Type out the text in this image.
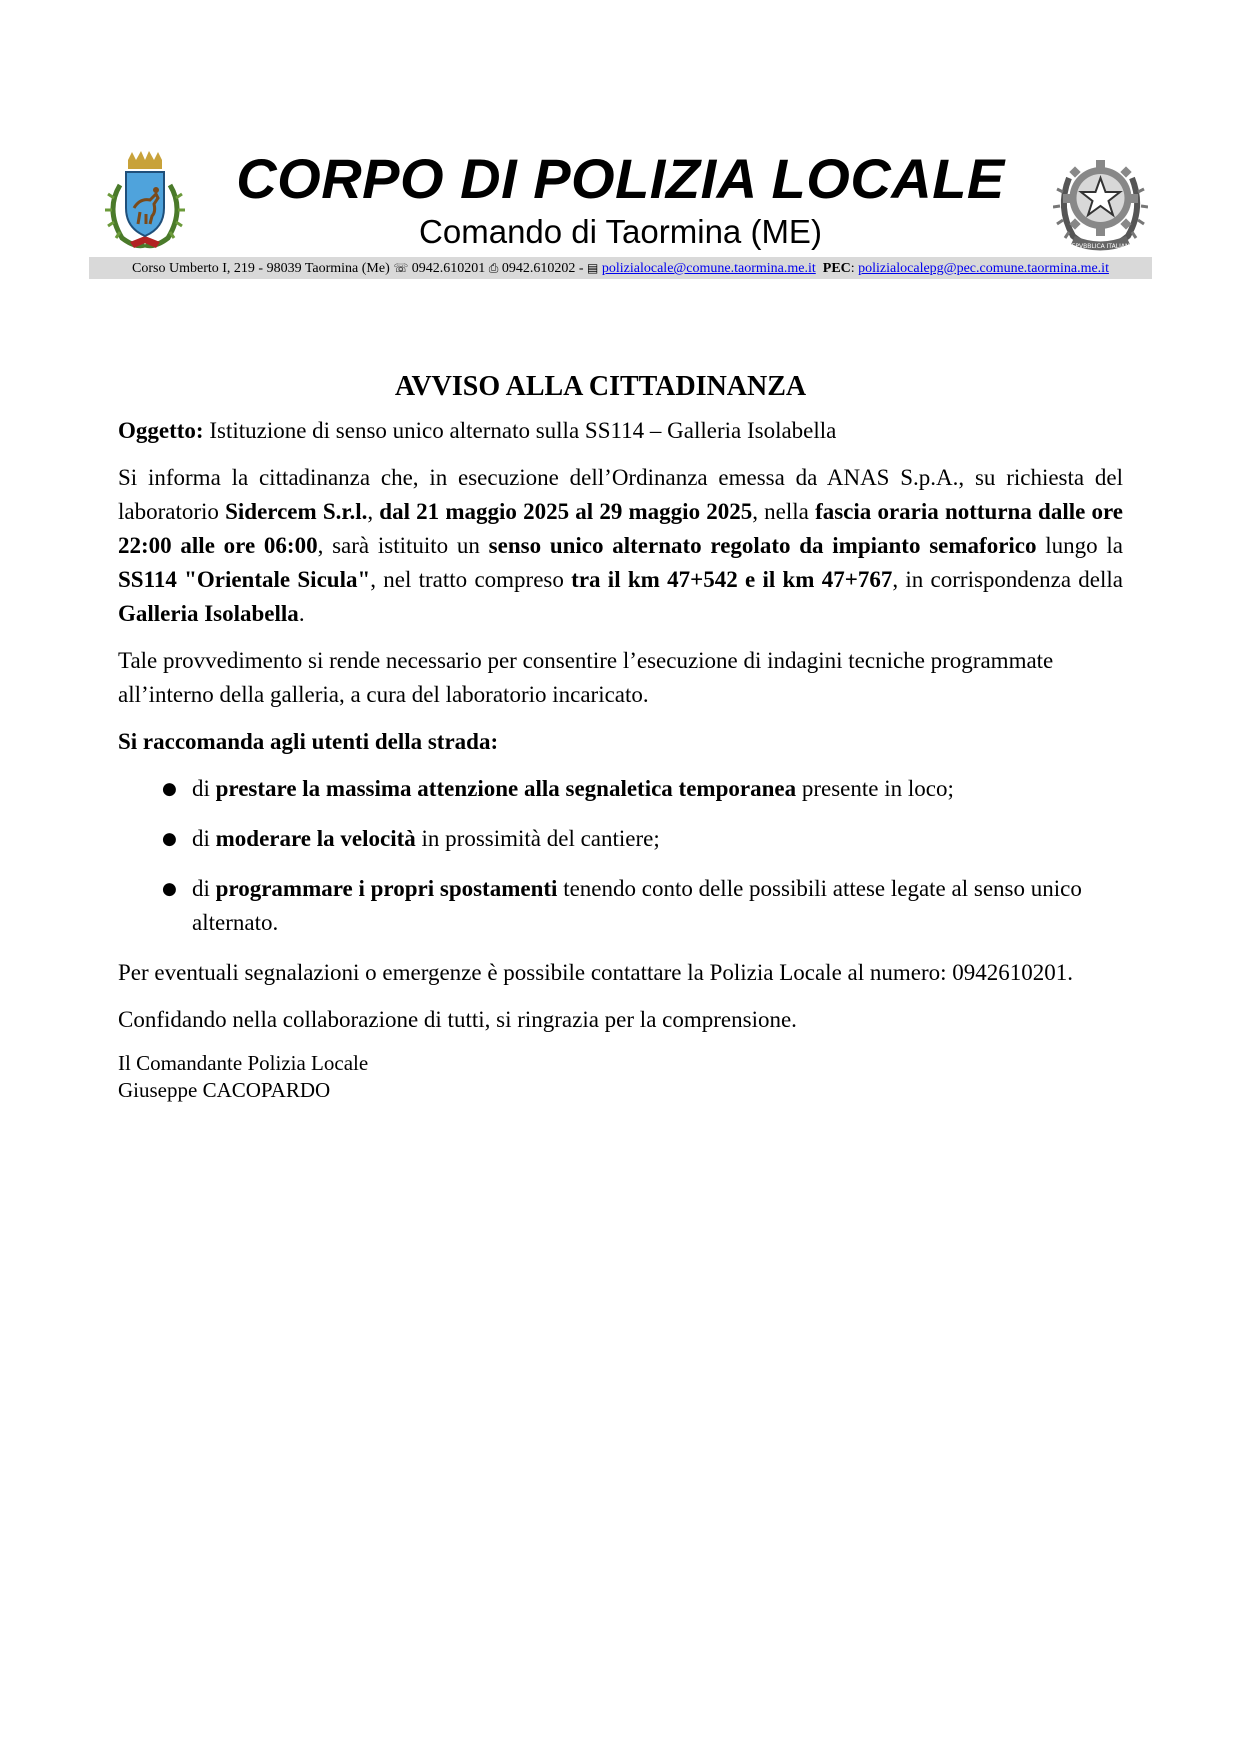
REPVBBLICA ITALIANA
CORPO DI POLIZIA LOCALE
Comando di Taormina (ME)
Corso Umberto I, 219 - 98039 Taormina (Me) ☏ 0942.610201 ⎙ 0942.610202 - ▤ polizialocale@comune.taormina.me.it PEC: polizialocalepg@pec.comune.taormina.me.it
AVVISO ALLA CITTADINANZA

Oggetto: Istituzione di senso unico alternato sulla SS114 – Galleria Isolabella

Si informa la cittadinanza che, in esecuzione dell’Ordinanza emessa da ANAS S.p.A., su richiesta del laboratorio Sidercem S.r.l., dal 21 maggio 2025 al 29 maggio 2025, nella fascia oraria notturna dalle ore 22:00 alle ore 06:00, sarà istituito un senso unico alternato regolato da impianto semaforico lungo la SS114 "Orientale Sicula", nel tratto compreso tra il km 47+542 e il km 47+767, in corrispondenza della Galleria Isolabella.

Tale provvedimento si rende necessario per consentire l’esecuzione di indagini tecniche programmate all’interno della galleria, a cura del laboratorio incaricato.

Si raccomanda agli utenti della strada:

● di prestare la massima attenzione alla segnaletica temporanea presente in loco;
● di moderare la velocità in prossimità del cantiere;
● di programmare i propri spostamenti tenendo conto delle possibili attese legate al senso unico alternato.

Per eventuali segnalazioni o emergenze è possibile contattare la Polizia Locale al numero: 0942610201.

Confidando nella collaborazione di tutti, si ringrazia per la comprensione.

Il Comandante Polizia Locale
Giuseppe CACOPARDO
